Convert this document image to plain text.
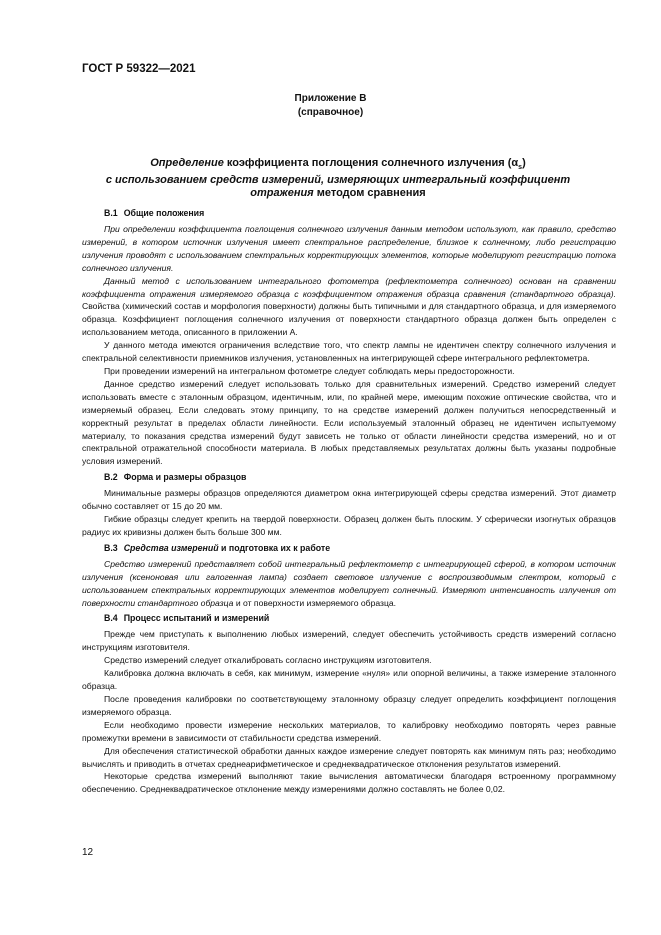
ГОСТ Р 59322—2021
Приложение В
(справочное)
Определение коэффициента поглощения солнечного излучения $(\alpha_s)$
с использованием средств измерений, измеряющих интегральный коэффициент
отражения методом сравнения
В.1 Общие положения

При определении коэффициента поглощения солнечного излучения данным методом используют, как правило, средство измерений, в котором источник излучения имеет спектральное распределение, близкое к солнечному, либо регистрацию излучения проводят с использованием спектральных корректирующих элементов, которые моделируют регистрацию потока солнечного излучения.

Данный метод с использованием интегрального фотометра (рефлектометра солнечного) основан на сравнении коэффициента отражения измеряемого образца с коэффициентом отражения образца сравнения (стандартного образца). Свойства (химический состав и морфология поверхности) должны быть типичными и для стандартного образца, и для измеряемого образца. Коэффициент поглощения солнечного излучения от поверхности стандартного образца должен быть определен с использованием метода, описанного в приложении А.

У данного метода имеются ограничения вследствие того, что спектр лампы не идентичен спектру солнечного излучения и спектральной селективности приемников излучения, установленных на интегрирующей сфере интегрального рефлектометра.

При проведении измерений на интегральном фотометре следует соблюдать меры предосторожности.

Данное средство измерений следует использовать только для сравнительных измерений. Средство измерений следует использовать вместе с эталонным образцом, идентичным, или, по крайней мере, имеющим похожие оптические свойства, что и измеряемый образец. Если следовать этому принципу, то на средстве измерений должен получиться непосредственный и корректный результат в пределах области линейности. Если используемый эталонный образец не идентичен испытуемому материалу, то показания средства измерений будут зависеть не только от области линейности средства измерений, но и от спектральной отражательной способности материала. В любых представляемых результатах должны быть указаны подробные условия измерений.

В.2 Форма и размеры образцов

Минимальные размеры образцов определяются диаметром окна интегрирующей сферы средства измерений. Этот диаметр обычно составляет от 15 до 20 мм.

Гибкие образцы следует крепить на твердой поверхности. Образец должен быть плоским. У сферически изогнутых образцов радиус их кривизны должен быть больше 300 мм.

В.3 Средства измерений и подготовка их к работе

Средство измерений представляет собой интегральный рефлектометр с интегрирующей сферой, в котором источник излучения (ксеноновая или галогенная лампа) создает световое излучение с воспроизводимым спектром, который с использованием спектральных корректирующих элементов моделирует солнечный. Измеряют интенсивность излучения от поверхности стандартного образца и от поверхности измеряемого образца.

В.4 Процесс испытаний и измерений

Прежде чем приступать к выполнению любых измерений, следует обеспечить устойчивость средств измерений согласно инструкциям изготовителя.

Средство измерений следует откалибровать согласно инструкциям изготовителя.

Калибровка должна включать в себя, как минимум, измерение «нуля» или опорной величины, а также измерение эталонного образца.

После проведения калибровки по соответствующему эталонному образцу следует определить коэффициент поглощения измеряемого образца.

Если необходимо провести измерение нескольких материалов, то калибровку необходимо повторять через равные промежутки времени в зависимости от стабильности средства измерений.

Для обеспечения статистической обработки данных каждое измерение следует повторять как минимум пять раз; необходимо вычислять и приводить в отчетах среднеарифметическое и среднеквадратическое отклонения результатов измерений.

Некоторые средства измерений выполняют такие вычисления автоматически благодаря встроенному программному обеспечению. Среднеквадратическое отклонение между измерениями должно составлять не более 0,02.

12
